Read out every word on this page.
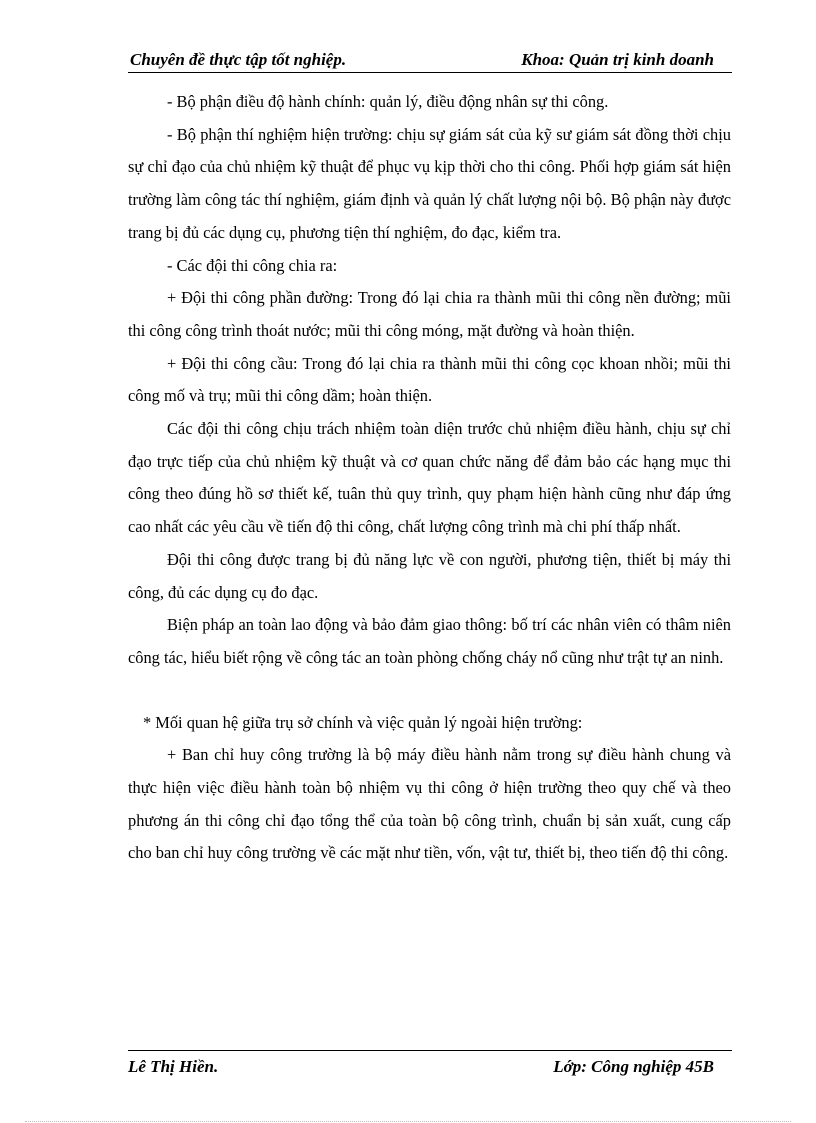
Chuyên đề thực tập tốt nghiệp.	Khoa: Quản trị kinh doanh

- Bộ phận điều độ hành chính: quản lý, điều động nhân sự thi công.

- Bộ phận thí nghiệm hiện trường: chịu sự giám sát của kỹ sư giám sát đồng thời chịu sự chỉ đạo của chủ nhiệm kỹ thuật để phục vụ kịp thời cho thi công. Phối hợp giám sát hiện trường làm công tác thí nghiệm, giám định và quản lý chất lượng nội bộ. Bộ phận này được trang bị đủ các dụng cụ, phương tiện thí nghiệm, đo đạc, kiểm tra.

- Các đội thi công chia ra:

+ Đội thi công phần đường: Trong đó lại chia ra thành mũi thi công nền đường; mũi thi công công trình thoát nước; mũi thi công móng, mặt đường và hoàn thiện.

+ Đội thi công cầu: Trong đó lại chia ra thành mũi thi công cọc khoan nhồi; mũi thi công mố và trụ; mũi thi công dầm; hoàn thiện.

Các đội thi công chịu trách nhiệm toàn diện trước chủ nhiệm điều hành, chịu sự chỉ đạo trực tiếp của chủ nhiệm kỹ thuật và cơ quan chức năng để đảm bảo các hạng mục thi công theo đúng hồ sơ thiết kế, tuân thủ quy trình, quy phạm hiện hành cũng như đáp ứng cao nhất các yêu cầu về tiến độ thi công, chất lượng công trình mà chi phí thấp nhất.

Đội thi công được trang bị đủ năng lực về con người, phương tiện, thiết bị máy thi công, đủ các dụng cụ đo đạc.

Biện pháp an toàn lao động và bảo đảm giao thông: bố trí các nhân viên có thâm niên công tác, hiểu biết rộng về công tác an toàn phòng chống cháy nổ cũng như trật tự an ninh.

* Mối quan hệ giữa trụ sở chính và việc quản lý ngoài hiện trường:

+ Ban chỉ huy công trường là bộ máy điều hành nằm trong sự điều hành chung và thực hiện việc điều hành toàn bộ nhiệm vụ thi công ở hiện trường theo quy chế và theo phương án thi công chỉ đạo tổng thể của toàn bộ công trình, chuẩn bị sản xuất, cung cấp cho ban chỉ huy công trường về các mặt như tiền, vốn, vật tư, thiết bị, theo tiến độ thi công.

Lê Thị Hiền.	Lớp: Công nghiệp 45B
